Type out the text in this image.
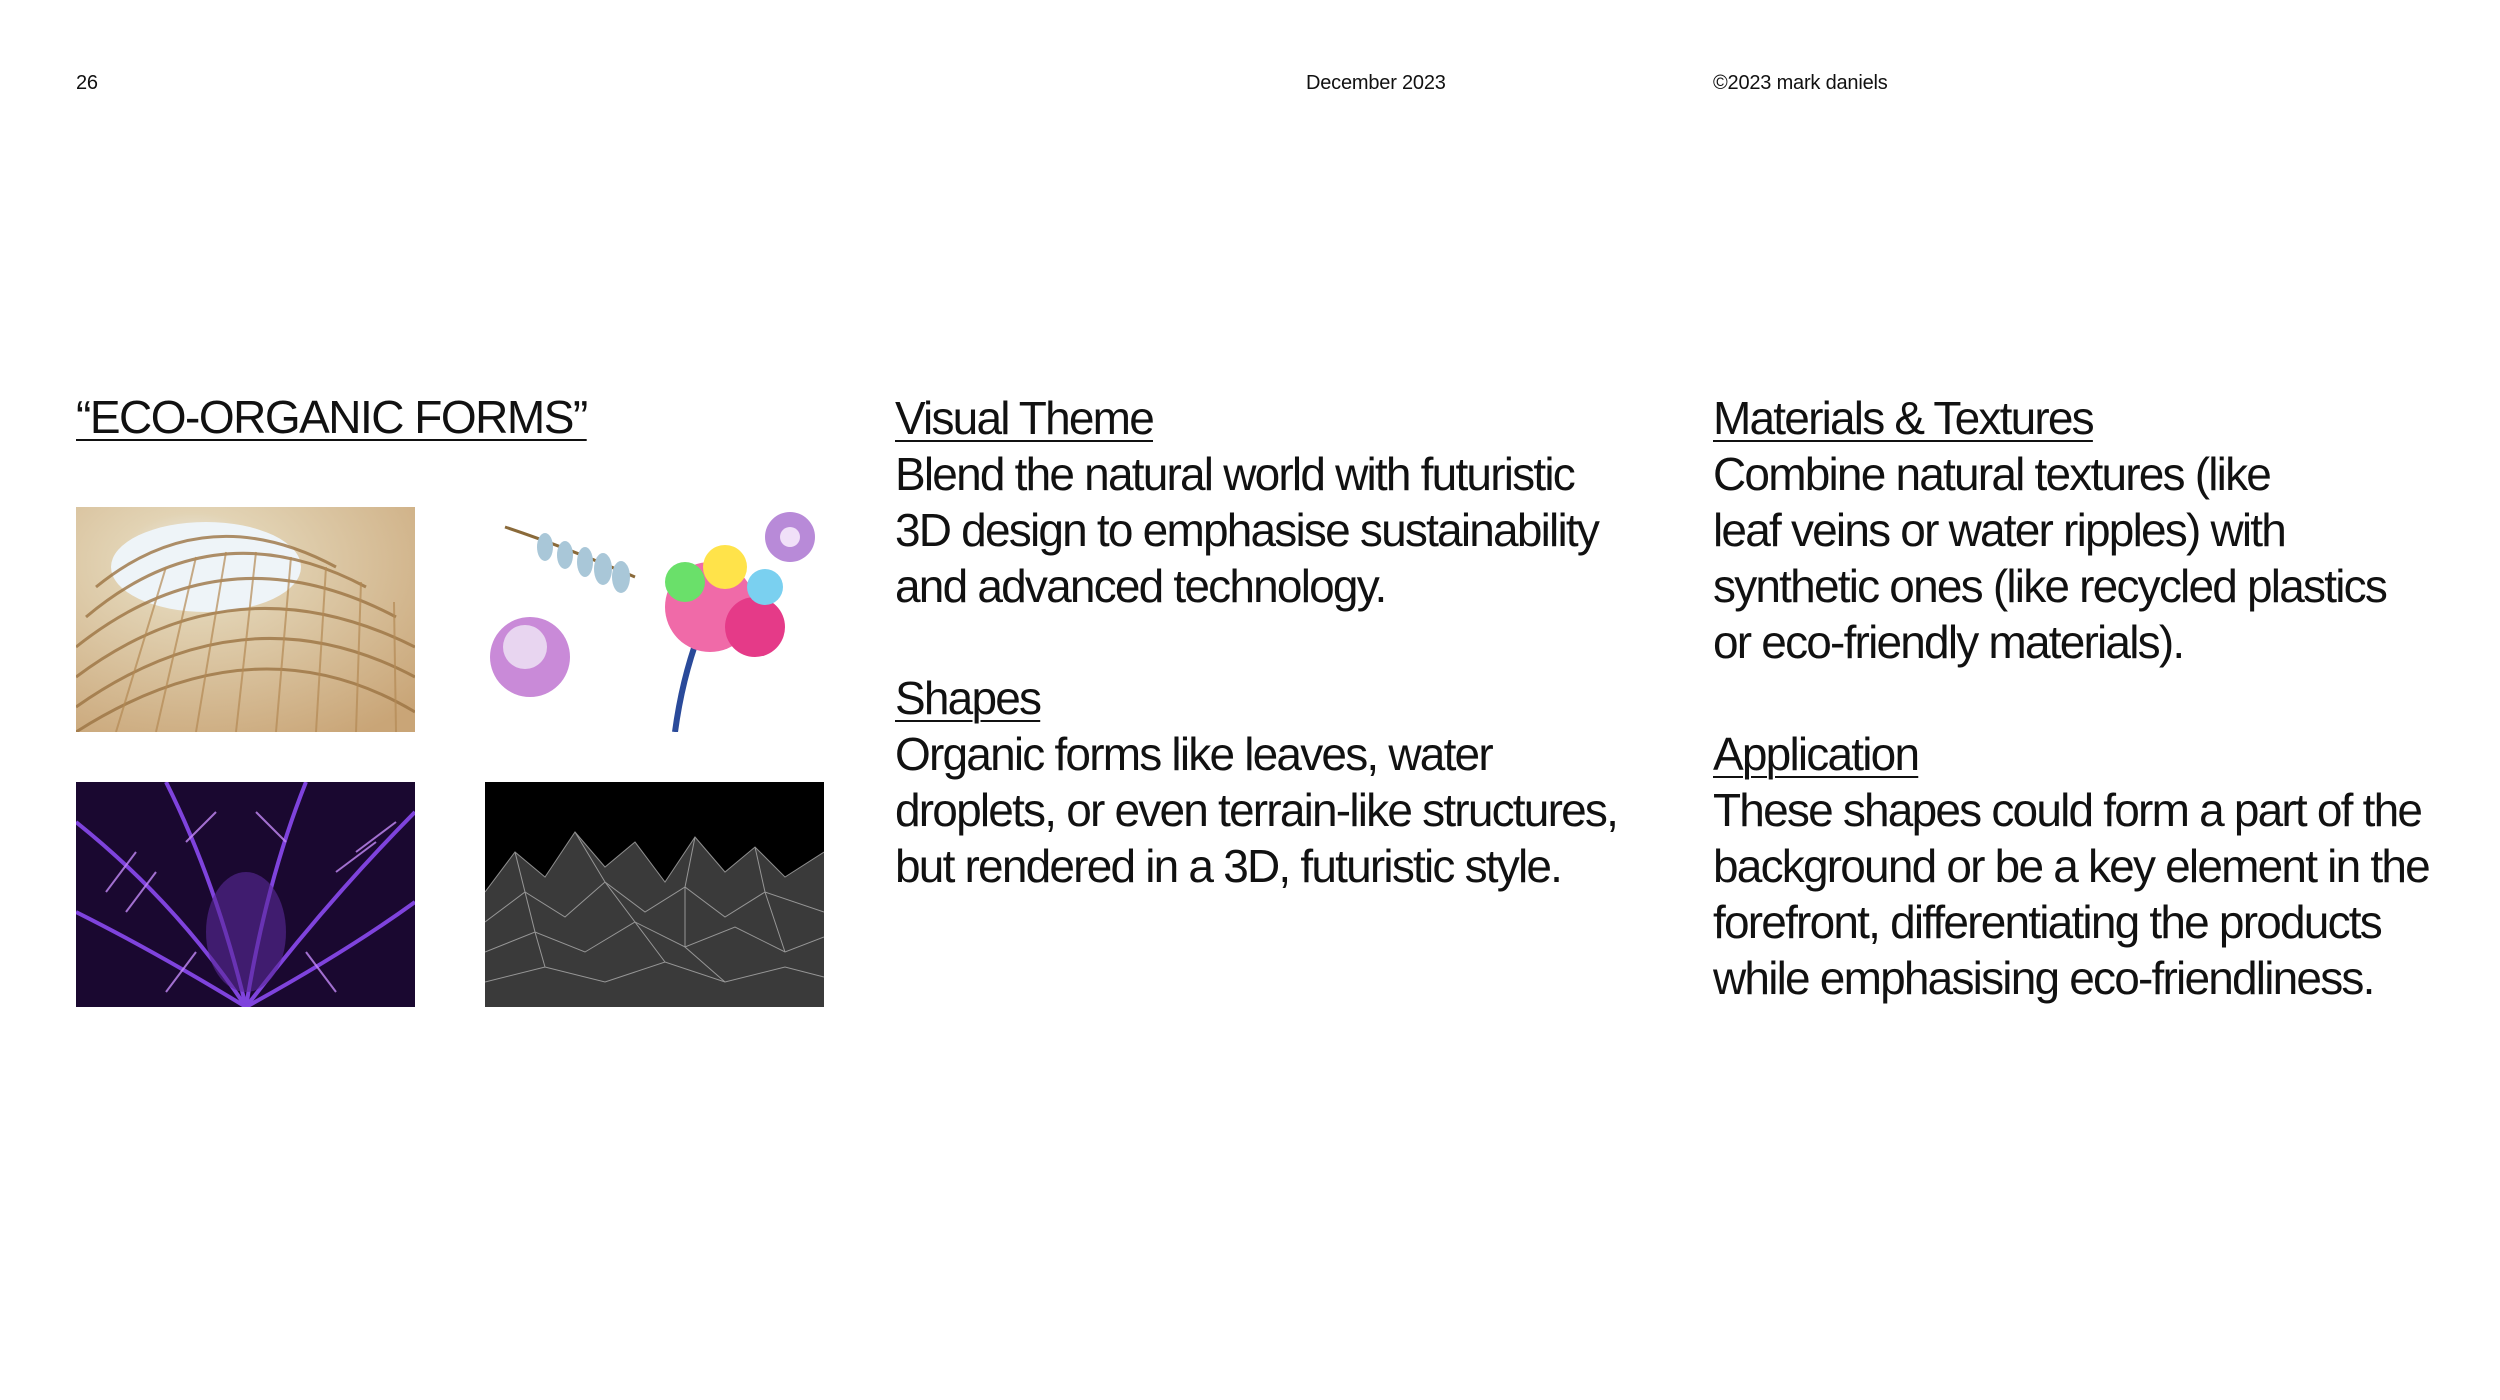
26	December 2023	©2023 mark daniels
“ECO-ORGANIC FORMS”	Visual Theme
Blend the natural world with futuristic
3D design to emphasise sustainability
and advanced technology.
Shapes
Organic forms like leaves, water
droplets, or even terrain-like structures,
but rendered in a 3D, futuristic style.
Materials & Textures
Combine natural textures (like
leaf veins or water ripples) with
synthetic ones (like recycled plastics
or eco-friendly materials).
Application
These shapes could form a part of the
background or be a key element in the
forefront, differentiating the products
while emphasising eco-friendliness.
